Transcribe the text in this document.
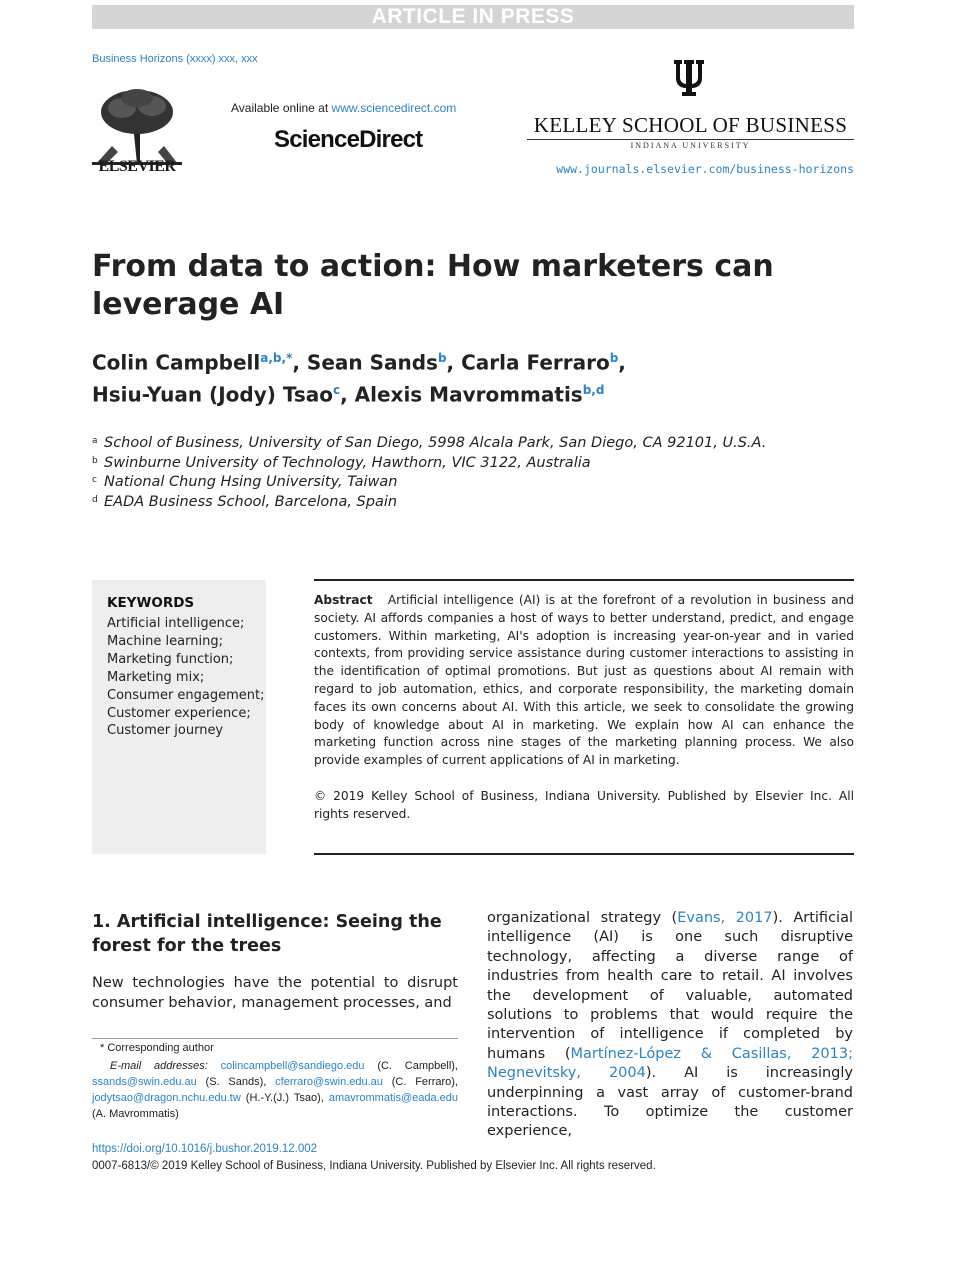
ARTICLE IN PRESS
Business Horizons (xxxx) xxx, xxx
ELSEVIER
Available online at www.sciencedirect.com
ScienceDirect
KELLEY SCHOOL OF BUSINESS
INDIANA UNIVERSITY
www.journals.elsevier.com/business-horizons
From data to action: How marketers can leverage AI
Colin Campbell$^{a,b,*}$, Sean Sands$^b$, Carla Ferraro$^b$,
Hsiu-Yuan (Jody) Tsao$^c$, Alexis Mavrommatis$^{b,d}$
a School of Business, University of San Diego, 5998 Alcala Park, San Diego, CA 92101, U.S.A.
b Swinburne University of Technology, Hawthorn, VIC 3122, Australia
c National Chung Hsing University, Taiwan
d EADA Business School, Barcelona, Spain
KEYWORDS
Artificial intelligence;
Machine learning;
Marketing function;
Marketing mix;
Consumer engagement;
Customer experience;
Customer journey
Abstract Artificial intelligence (AI) is at the forefront of a revolution in business and society. AI affords companies a host of ways to better understand, predict, and engage customers. Within marketing, AI's adoption is increasing year-on-year and in varied contexts, from providing service assistance during customer interactions to assisting in the identification of optimal promotions. But just as questions about AI remain with regard to job automation, ethics, and corporate responsibility, the marketing domain faces its own concerns about AI. With this article, we seek to consolidate the growing body of knowledge about AI in marketing. We explain how AI can enhance the marketing function across nine stages of the marketing planning process. We also provide examples of current applications of AI in marketing.
© 2019 Kelley School of Business, Indiana University. Published by Elsevier Inc. All rights reserved.
1. Artificial intelligence: Seeing the forest for the trees
New technologies have the potential to disrupt consumer behavior, management processes, and
* Corresponding author
E-mail addresses: colincampbell@sandiego.edu (C. Campbell), ssands@swin.edu.au (S. Sands), cferraro@swin.edu.au (C. Ferraro), jodytsao@dragon.nchu.edu.tw (H.-Y.(J.) Tsao), amavrommatis@eada.edu (A. Mavrommatis)
organizational strategy (Evans, 2017). Artificial intelligence (AI) is one such disruptive technology, affecting a diverse range of industries from health care to retail. AI involves the development of valuable, automated solutions to problems that would require the intervention of intelligence if completed by humans (Martínez-López & Casillas, 2013; Negnevitsky, 2004). AI is increasingly underpinning a vast array of customer-brand interactions. To optimize the customer experience,
https://doi.org/10.1016/j.bushor.2019.12.002
0007-6813/© 2019 Kelley School of Business, Indiana University. Published by Elsevier Inc. All rights reserved.
